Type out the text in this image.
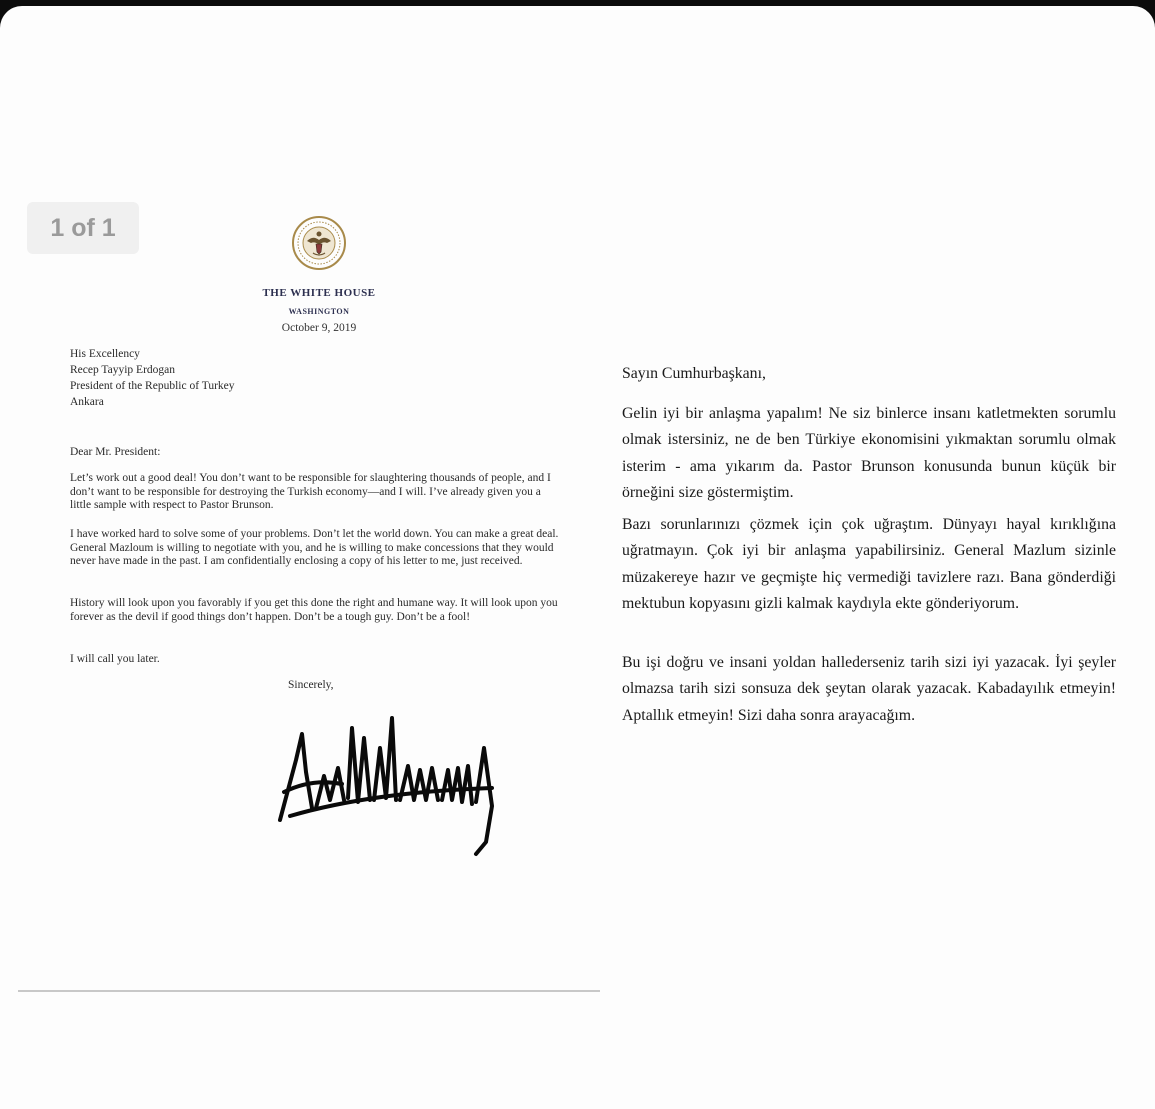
1 of 1
THE WHITE HOUSE
WASHINGTON
October 9, 2019
His Excellency
Recep Tayyip Erdogan
President of the Republic of Turkey
Ankara

Dear Mr. President:

Let’s work out a good deal! You don’t want to be responsible for slaughtering thousands of people, and I don’t want to be responsible for destroying the Turkish economy—and I will. I’ve already given you a little sample with respect to Pastor Brunson.

I have worked hard to solve some of your problems. Don’t let the world down. You can make a great deal. General Mazloum is willing to negotiate with you, and he is willing to make concessions that they would never have made in the past. I am confidentially enclosing a copy of his letter to me, just received.

History will look upon you favorably if you get this done the right and humane way. It will look upon you forever as the devil if good things don’t happen. Don’t be a tough guy. Don’t be a fool!

I will call you later.

Sincerely,

Sayın Cumhurbaşkanı,

Gelin iyi bir anlaşma yapalım! Ne siz binlerce insanı katletmekten sorumlu olmak istersiniz, ne de ben Türkiye ekonomisini yıkmaktan sorumlu olmak isterim - ama yıkarım da. Pastor Brunson konusunda bunun küçük bir örneğini size göstermiştim.

Bazı sorunlarınızı çözmek için çok uğraştım. Dünyayı hayal kırıklığına uğratmayın. Çok iyi bir anlaşma yapabilirsiniz. General Mazlum sizinle müzakereye hazır ve geçmişte hiç vermediği tavizlere razı. Bana gönderdiği mektubun kopyasını gizli kalmak kaydıyla ekte gönderiyorum.

Bu işi doğru ve insani yoldan hallederseniz tarih sizi iyi yazacak. İyi şeyler olmazsa tarih sizi sonsuza dek şeytan olarak yazacak. Kabadayılık etmeyin! Aptallık etmeyin! Sizi daha sonra arayacağım.
